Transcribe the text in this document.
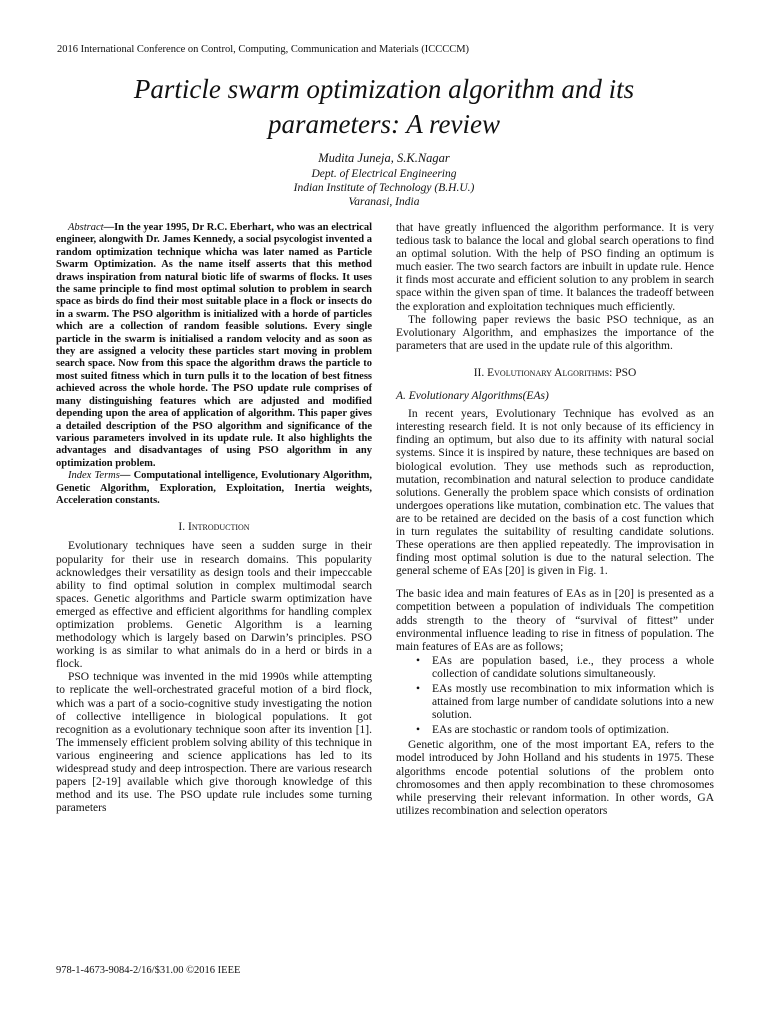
2016 International Conference on Control, Computing, Communication and Materials (ICCCCM)
Particle swarm optimization algorithm and its
parameters: A review
Mudita Juneja, S.K.Nagar
Dept. of Electrical Engineering
Indian Institute of Technology (B.H.U.)
Varanasi, India

Abstract—In the year 1995, Dr R.C. Eberhart, who was an electrical engineer, alongwith Dr. James Kennedy, a social psycologist invented a random optimization technique whicha was later named as Particle Swarm Optimization. As the name itself asserts that this method draws inspiration from natural biotic life of swarms of flocks. It uses the same principle to find most optimal solution to problem in search space as birds do find their most suitable place in a flock or insects do in a swarm. The PSO algorithm is initialized with a horde of particles which are a collection of random feasible solutions. Every single particle in the swarm is initialised a random velocity and as soon as they are assigned a velocity these particles start moving in problem search space. Now from this space the algorithm draws the particle to most suited fitness which in turn pulls it to the location of best fitness achieved across the whole horde. The PSO update rule comprises of many distinguishing features which are adjusted and modified depending upon the area of application of algorithm. This paper gives a detailed description of the PSO algorithm and significance of the various parameters involved in its update rule. It also highlights the advantages and disadvantages of using PSO algorithm in any optimization problem.

Index Terms— Computational intelligence, Evolutionary Algorithm, Genetic Algorithm, Exploration, Exploitation, Inertia weights, Acceleration constants.

I. Introduction

Evolutionary techniques have seen a sudden surge in their popularity for their use in research domains. This popularity acknowledges their versatility as design tools and their impeccable ability to find optimal solution in complex multimodal search spaces. Genetic algorithms and Particle swarm optimization have emerged as effective and efficient algorithms for handling complex optimization problems. Genetic Algorithm is a learning methodology which is largely based on Darwin’s principles. PSO working is as similar to what animals do in a herd or birds in a flock.

PSO technique was invented in the mid 1990s while attempting to replicate the well-orchestrated graceful motion of a bird flock, which was a part of a socio-cognitive study investigating the notion of collective intelligence in biological populations. It got recognition as a evolutionary technique soon after its invention [1]. The immensely efficient problem solving ability of this technique in various engineering and science applications has led to its widespread study and deep introspection. There are various research papers [2-19] available which give thorough knowledge of this method and its use. The PSO update rule includes some turning parameters

that have greatly influenced the algorithm performance. It is very tedious task to balance the local and global search operations to find an optimal solution. With the help of PSO finding an optimum is much easier. The two search factors are inbuilt in update rule. Hence it finds most accurate and efficient solution to any problem in search space within the given span of time. It balances the tradeoff between the exploration and exploitation techniques much efficiently.

The following paper reviews the basic PSO technique, as an Evolutionary Algorithm, and emphasizes the importance of the parameters that are used in the update rule of this algorithm.

II. Evolutionary Algorithms: PSO
A. Evolutionary Algorithms(EAs)

In recent years, Evolutionary Technique has evolved as an interesting research field. It is not only because of its efficiency in finding an optimum, but also due to its affinity with natural social systems. Since it is inspired by nature, these techniques are based on biological evolution. They use methods such as reproduction, mutation, recombination and natural selection to produce candidate solutions. Generally the problem space which consists of ordination undergoes operations like mutation, combination etc. The values that are to be retained are decided on the basis of a cost function which in turn regulates the suitability of resulting candidate solutions. These operations are then applied repeatedly. The improvisation in finding most optimal solution is due to the natural selection. The general scheme of EAs [20] is given in Fig. 1.

The basic idea and main features of EAs as in [20] is presented as a competition between a population of individuals The competition adds strength to the theory of “survival of fittest” under environmental influence leading to rise in fitness of population. The main features of EAs are as follows;

• EAs are population based, i.e., they process a whole collection of candidate solutions simultaneously.
• EAs mostly use recombination to mix information which is attained from large number of candidate solutions into a new solution.
• EAs are stochastic or random tools of optimization.

Genetic algorithm, one of the most important EA, refers to the model introduced by John Holland and his students in 1975. These algorithms encode potential solutions of the problem onto chromosomes and then apply recombination to these chromosomes while preserving their relevant information. In other words, GA utilizes recombination and selection operators

978-1-4673-9084-2/16/$31.00 ©2016 IEEE
